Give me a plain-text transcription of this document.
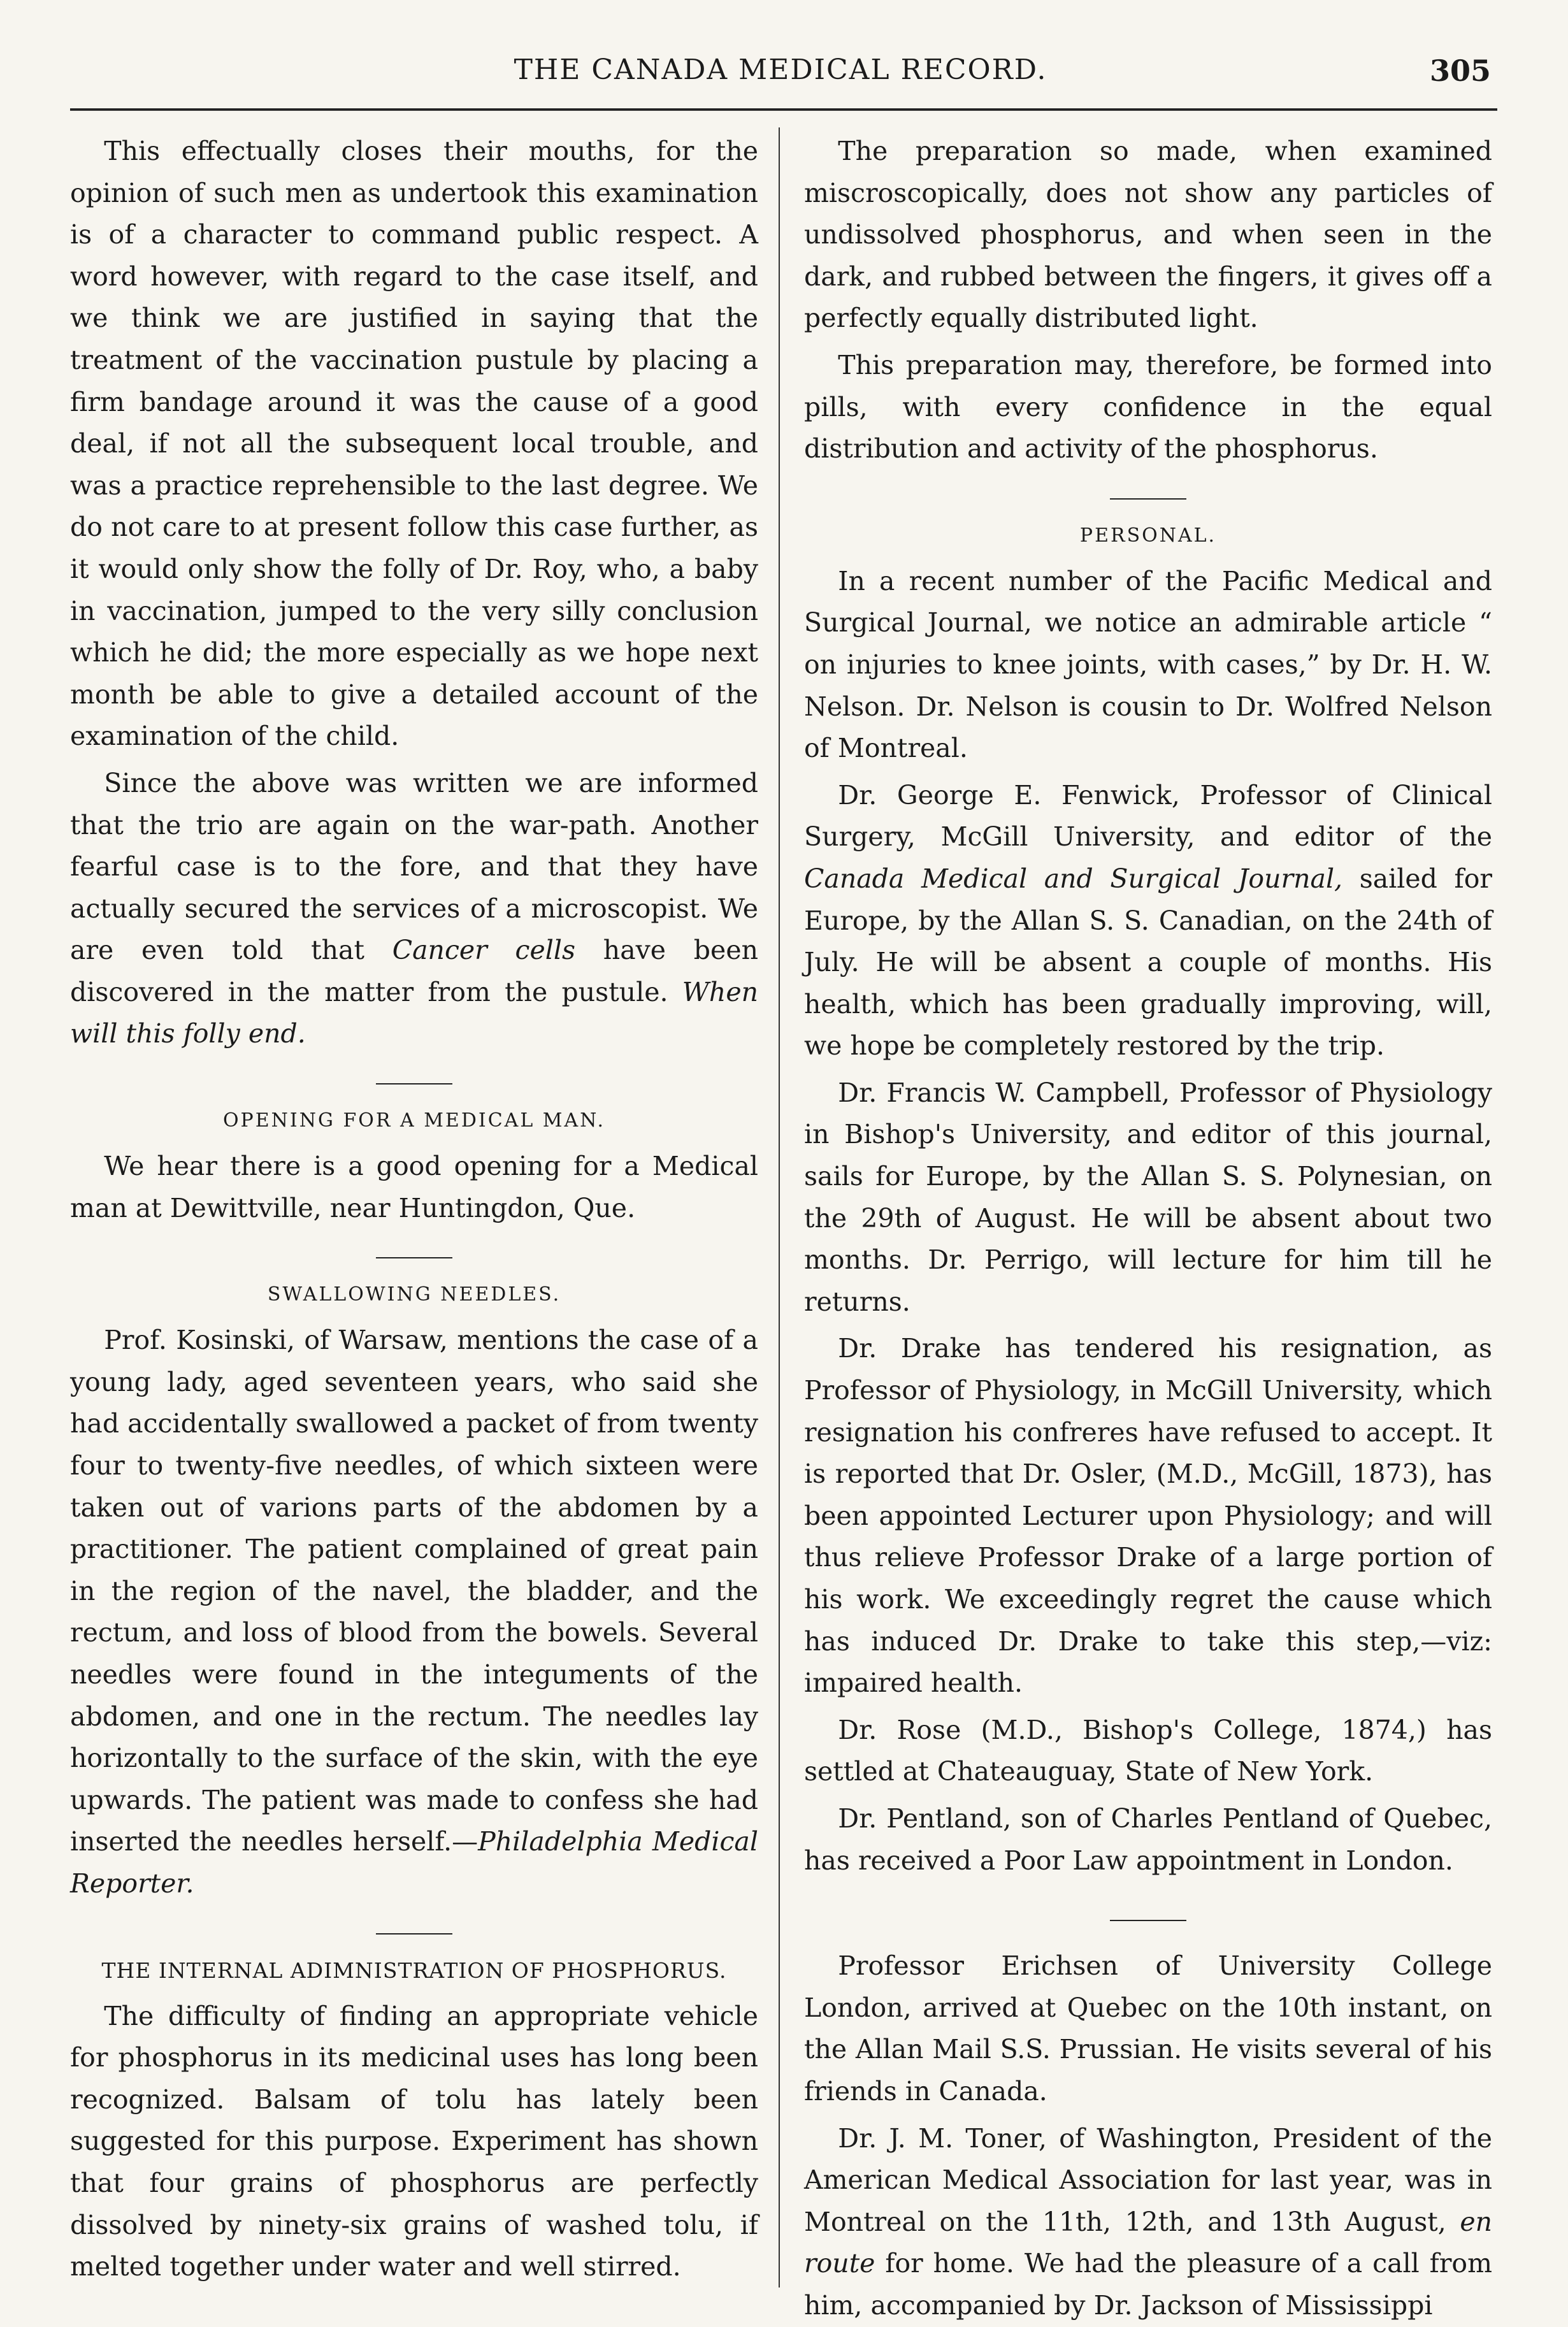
THE CANADA MEDICAL RECORD.	305

This effectually closes their mouths, for the opinion of such men as undertook this examination is of a character to command public respect. A word however, with regard to the case itself, and we think we are justified in saying that the treatment of the vaccination pustule by placing a firm bandage around it was the cause of a good deal, if not all the subsequent local trouble, and was a practice reprehensible to the last degree. We do not care to at present follow this case further, as it would only show the folly of Dr. Roy, who, a baby in vaccination, jumped to the very silly conclusion which he did; the more especially as we hope next month be able to give a detailed account of the examination of the child.

Since the above was written we are informed that the trio are again on the war-path. Another fearful case is to the fore, and that they have actually secured the services of a microscopist. We are even told that Cancer cells have been discovered in the matter from the pustule. When will this folly end.

OPENING FOR A MEDICAL MAN.

We hear there is a good opening for a Medical man at Dewittville, near Huntingdon, Que.

SWALLOWING NEEDLES.

Prof. Kosinski, of Warsaw, mentions the case of a young lady, aged seventeen years, who said she had accidentally swallowed a packet of from twenty four to twenty-five needles, of which sixteen were taken out of varions parts of the abdomen by a practitioner. The patient complained of great pain in the region of the navel, the bladder, and the rectum, and loss of blood from the bowels. Several needles were found in the integuments of the abdomen, and one in the rectum. The needles lay horizontally to the surface of the skin, with the eye upwards. The patient was made to confess she had inserted the needles herself.—Philadelphia Medical Reporter.

THE INTERNAL ADIMNISTRATION OF PHOSPHORUS.

The difficulty of finding an appropriate vehicle for phosphorus in its medicinal uses has long been recognized. Balsam of tolu has lately been suggested for this purpose. Experiment has shown that four grains of phosphorus are perfectly dissolved by ninety-six grains of washed tolu, if melted together under water and well stirred.

The preparation so made, when examined miscroscopically, does not show any particles of undissolved phosphorus, and when seen in the dark, and rubbed between the fingers, it gives off a perfectly equally distributed light.

This preparation may, therefore, be formed into pills, with every confidence in the equal distribution and activity of the phosphorus.

PERSONAL.

In a recent number of the Pacific Medical and Surgical Journal, we notice an admirable article “ on injuries to knee joints, with cases,” by Dr. H. W. Nelson. Dr. Nelson is cousin to Dr. Wolfred Nelson of Montreal.

Dr. George E. Fenwick, Professor of Clinical Surgery, McGill University, and editor of the Canada Medical and Surgical Journal, sailed for Europe, by the Allan S. S. Canadian, on the 24th of July. He will be absent a couple of months. His health, which has been gradually improving, will, we hope be completely restored by the trip.

Dr. Francis W. Campbell, Professor of Physiology in Bishop's University, and editor of this journal, sails for Europe, by the Allan S. S. Polynesian, on the 29th of August. He will be absent about two months. Dr. Perrigo, will lecture for him till he returns.

Dr. Drake has tendered his resignation, as Professor of Physiology, in McGill University, which resignation his confreres have refused to accept. It is reported that Dr. Osler, (M.D., McGill, 1873), has been appointed Lecturer upon Physiology; and will thus relieve Professor Drake of a large portion of his work. We exceedingly regret the cause which has induced Dr. Drake to take this step,—viz: impaired health.

Dr. Rose (M.D., Bishop's College, 1874,) has settled at Chateauguay, State of New York.

Dr. Pentland, son of Charles Pentland of Quebec, has received a Poor Law appointment in London.

Professor Erichsen of University College London, arrived at Quebec on the 10th instant, on the Allan Mail S.S. Prussian. He visits several of his friends in Canada.

Dr. J. M. Toner, of Washington, President of the American Medical Association for last year, was in Montreal on the 11th, 12th, and 13th August, en route for home. We had the pleasure of a call from him, accompanied by Dr. Jackson of Mississippi
